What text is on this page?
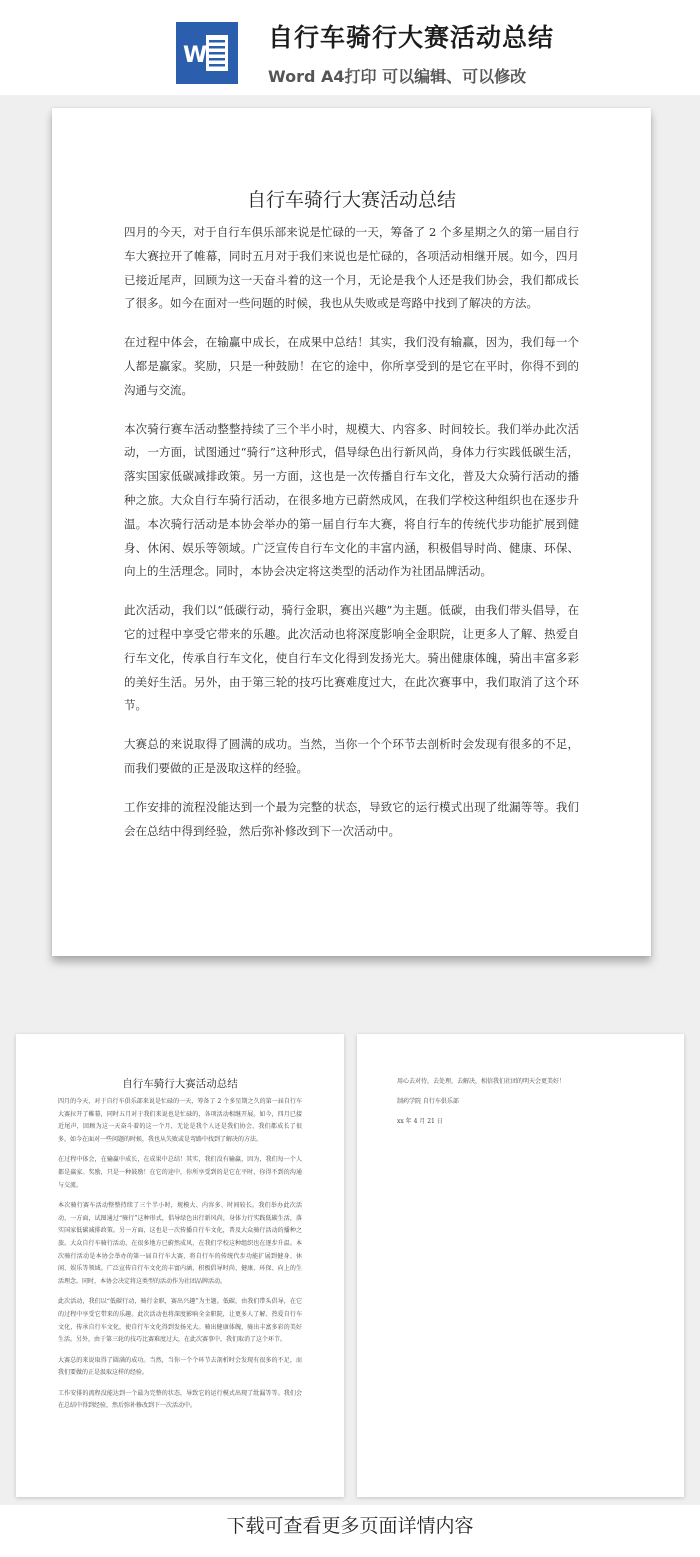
W
自行车骑行大赛活动总结
Word A4打印 可以编辑、可以修改
自行车骑行大赛活动总结

四月的今天，对于自行车俱乐部来说是忙碌的一天，筹备了 2 个多星期之久的第一届自行车大赛拉开了帷幕，同时五月对于我们来说也是忙碌的，各项活动相继开展。如今，四月已接近尾声，回顾为这一天奋斗着的这一个月，无论是我个人还是我们协会，我们都成长了很多。如今在面对一些问题的时候，我也从失败或是弯路中找到了解决的方法。

在过程中体会，在输赢中成长，在成果中总结！其实，我们没有输赢，因为，我们每一个人都是赢家。奖励，只是一种鼓励！在它的途中，你所享受到的是它在平时，你得不到的沟通与交流。

本次骑行赛车活动整整持续了三个半小时，规模大、内容多、时间较长。我们举办此次活动，一方面，试图通过“骑行”这种形式，倡导绿色出行新风尚，身体力行实践低碳生活，落实国家低碳减排政策。另一方面，这也是一次传播自行车文化，普及大众骑行活动的播种之旅。大众自行车骑行活动，在很多地方已蔚然成风，在我们学校这种组织也在逐步升温。本次骑行活动是本协会举办的第一届自行车大赛，将自行车的传统代步功能扩展到健身、休闲、娱乐等领域。广泛宣传自行车文化的丰富内涵，积极倡导时尚、健康、环保、向上的生活理念。同时，本协会决定将这类型的活动作为社团品牌活动。

此次活动，我们以“低碳行动，骑行金职，赛出兴趣”为主题。低碳，由我们带头倡导，在它的过程中享受它带来的乐趣。此次活动也将深度影响全金职院，让更多人了解、热爱自行车文化，传承自行车文化，使自行车文化得到发扬光大。骑出健康体魄，骑出丰富多彩的美好生活。另外，由于第三轮的技巧比赛难度过大，在此次赛事中，我们取消了这个环节。

大赛总的来说取得了圆满的成功。当然，当你一个个环节去剖析时会发现有很多的不足，而我们要做的正是汲取这样的经验。

工作安排的流程没能达到一个最为完整的状态，导致它的运行模式出现了纰漏等等。我们会在总结中得到经验，然后弥补修改到下一次活动中。

自行车骑行大赛活动总结

四月的今天，对于自行车俱乐部来说是忙碌的一天，筹备了 2 个多星期之久的第一届自行车大赛拉开了帷幕，同时五月对于我们来说也是忙碌的，各项活动相继开展。如今，四月已接近尾声，回顾为这一天奋斗着的这一个月，无论是我个人还是我们协会，我们都成长了很多。如今在面对一些问题的时候，我也从失败或是弯路中找到了解决的方法。

在过程中体会，在输赢中成长，在成果中总结！其实，我们没有输赢，因为，我们每一个人都是赢家。奖励，只是一种鼓励！在它的途中，你所享受到的是它在平时，你得不到的沟通与交流。

本次骑行赛车活动整整持续了三个半小时，规模大、内容多、时间较长。我们举办此次活动，一方面，试图通过“骑行”这种形式，倡导绿色出行新风尚，身体力行实践低碳生活，落实国家低碳减排政策。另一方面，这也是一次传播自行车文化，普及大众骑行活动的播种之旅。大众自行车骑行活动，在很多地方已蔚然成风，在我们学校这种组织也在逐步升温。本次骑行活动是本协会举办的第一届自行车大赛，将自行车的传统代步功能扩展到健身、休闲、娱乐等领域。广泛宣传自行车文化的丰富内涵，积极倡导时尚、健康、环保、向上的生活理念。同时，本协会决定将这类型的活动作为社团品牌活动。

此次活动，我们以“低碳行动，骑行金职，赛出兴趣”为主题。低碳，由我们带头倡导，在它的过程中享受它带来的乐趣。此次活动也将深度影响全金职院，让更多人了解、热爱自行车文化，传承自行车文化，使自行车文化得到发扬光大。骑出健康体魄，骑出丰富多彩的美好生活。另外，由于第三轮的技巧比赛难度过大，在此次赛事中，我们取消了这个环节。

大赛总的来说取得了圆满的成功。当然，当你一个个环节去剖析时会发现有很多的不足，而我们要做的正是汲取这样的经验。

工作安排的流程没能达到一个最为完整的状态，导致它的运行模式出现了纰漏等等。我们会在总结中得到经验，然后弥补修改到下一次活动中。

用心去对待，去处理，去解决，相信我们社团的明天会更美好！
制药学院 自行车俱乐部
xx 年 4 月 21 日
下载可查看更多页面详情内容
